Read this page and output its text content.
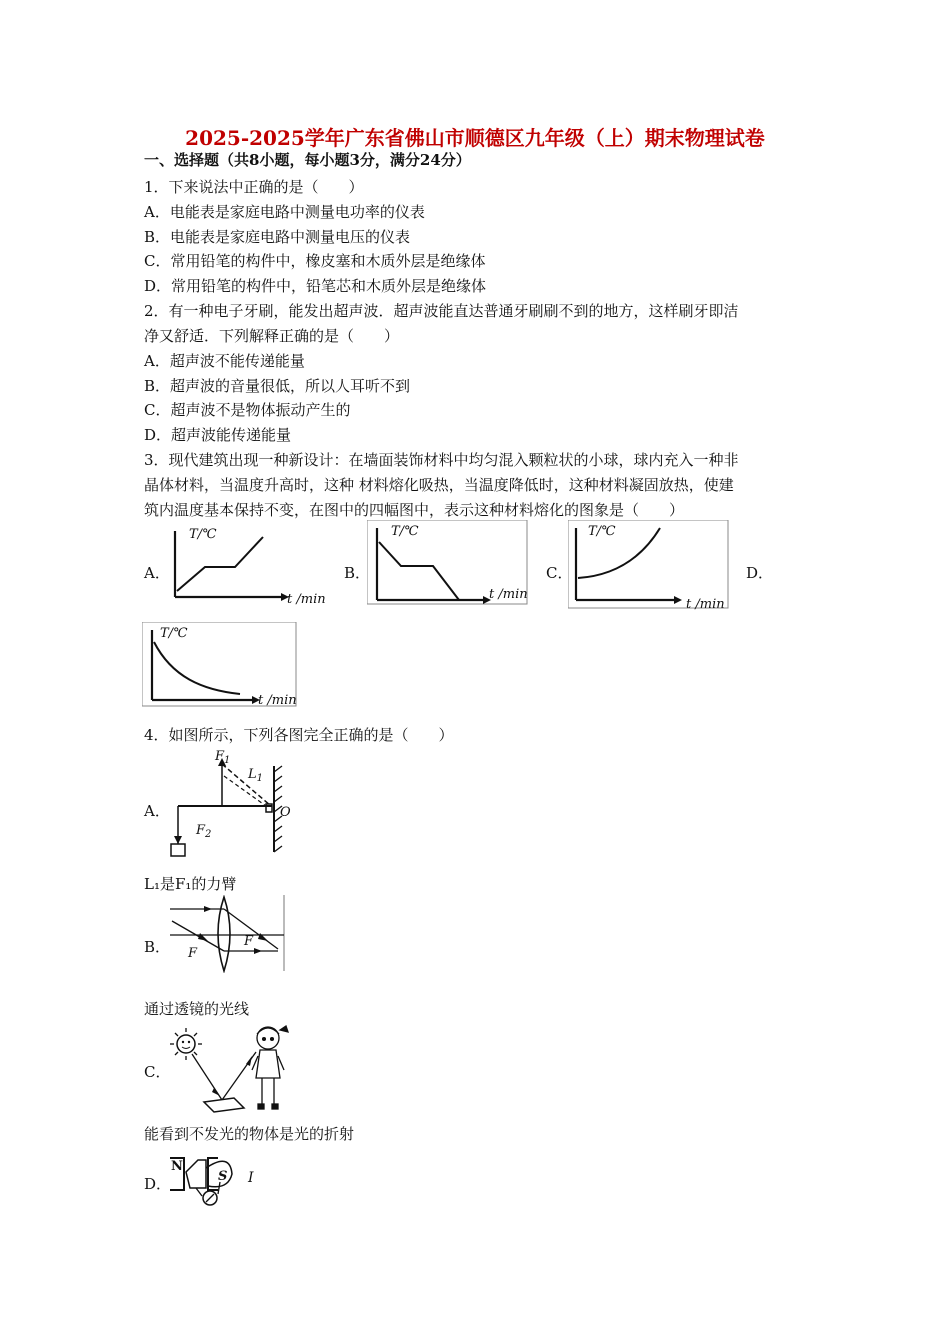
2025-2025学年广东省佛山市顺德区九年级（上）期末物理试卷
一、选择题（共8小题，每小题3分，满分24分）
1．下来说法中正确的是（　　）
A．电能表是家庭电路中测量电功率的仪表
B．电能表是家庭电路中测量电压的仪表
C．常用铅笔的构件中，橡皮塞和木质外层是绝缘体
D．常用铅笔的构件中，铅笔芯和木质外层是绝缘体
2．有一种电子牙刷，能发出超声波．超声波能直达普通牙刷刷不到的地方，这样刷牙即洁
净又舒适．下列解释正确的是（　　）
A．超声波不能传递能量
B．超声波的音量很低，所以人耳听不到
C．超声波不是物体振动产生的
D．超声波能传递能量
3．现代建筑出现一种新设计：在墙面装饰材料中均匀混入颗粒状的小球，球内充入一种非
晶体材料，当温度升高时，这种 材料熔化吸热，当温度降低时，这种材料凝固放热，使建
筑内温度基本保持不变，在图中的四幅图中，表示这种材料熔化的图象是（　　）
A．
T/℃
t /min
B．
T/℃
t /min
C．
T/℃
t /min
D．
T/℃
t /min
4．如图所示，下列各图完全正确的是（　　）
A．
$F_1$
$L_1$
O
$F_2$
L₁是F₁的力臂
B． F
F
通过透镜的光线
C．
能看到不发光的物体是光的折射
D．
N
S I
